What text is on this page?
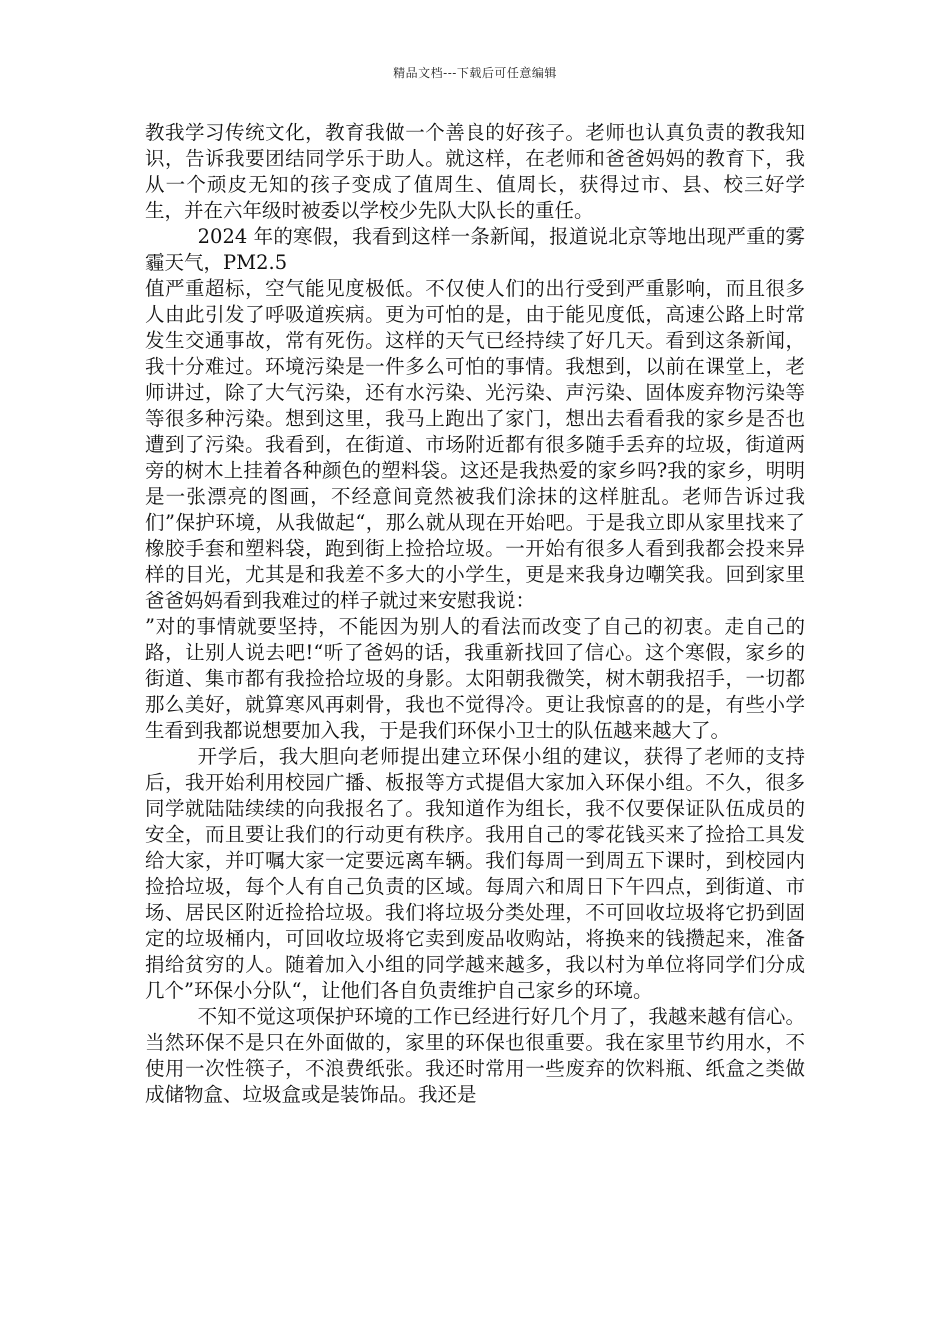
精品文档---下载后可任意编辑

教我学习传统文化，教育我做一个善良的好孩子。老师也认真负责的教我知识，告诉我要团结同学乐于助人。就这样，在老师和爸爸妈妈的教育下，我从一个顽皮无知的孩子变成了值周生、值周长，获得过市、县、校三好学生，并在六年级时被委以学校少先队大队长的重任。

2024 年的寒假，我看到这样一条新闻，报道说北京等地出现严重的雾霾天气，PM2.5

值严重超标，空气能见度极低。不仅使人们的出行受到严重影响，而且很多人由此引发了呼吸道疾病。更为可怕的是，由于能见度低，高速公路上时常发生交通事故，常有死伤。这样的天气已经持续了好几天。看到这条新闻，我十分难过。环境污染是一件多么可怕的事情。我想到，以前在课堂上，老师讲过，除了大气污染，还有水污染、光污染、声污染、固体废弃物污染等等很多种污染。想到这里，我马上跑出了家门，想出去看看我的家乡是否也遭到了污染。我看到，在街道、市场附近都有很多随手丢弃的垃圾，街道两旁的树木上挂着各种颜色的塑料袋。这还是我热爱的家乡吗?我的家乡，明明是一张漂亮的图画，不经意间竟然被我们涂抹的这样脏乱。老师告诉过我们”保护环境，从我做起“，那么就从现在开始吧。于是我立即从家里找来了橡胶手套和塑料袋，跑到街上捡拾垃圾。一开始有很多人看到我都会投来异样的目光，尤其是和我差不多大的小学生，更是来我身边嘲笑我。回到家里爸爸妈妈看到我难过的样子就过来安慰我说：

”对的事情就要坚持，不能因为别人的看法而改变了自己的初衷。走自己的路，让别人说去吧!“听了爸妈的话，我重新找回了信心。这个寒假，家乡的街道、集市都有我捡拾垃圾的身影。太阳朝我微笑，树木朝我招手，一切都那么美好，就算寒风再刺骨，我也不觉得冷。更让我惊喜的的是，有些小学生看到我都说想要加入我，于是我们环保小卫士的队伍越来越大了。

开学后，我大胆向老师提出建立环保小组的建议，获得了老师的支持后，我开始利用校园广播、板报等方式提倡大家加入环保小组。不久，很多同学就陆陆续续的向我报名了。我知道作为组长，我不仅要保证队伍成员的安全，而且要让我们的行动更有秩序。我用自己的零花钱买来了捡拾工具发给大家，并叮嘱大家一定要远离车辆。我们每周一到周五下课时，到校园内捡拾垃圾，每个人有自己负责的区域。每周六和周日下午四点，到街道、市场、居民区附近捡拾垃圾。我们将垃圾分类处理，不可回收垃圾将它扔到固定的垃圾桶内，可回收垃圾将它卖到废品收购站，将换来的钱攒起来，准备捐给贫穷的人。随着加入小组的同学越来越多，我以村为单位将同学们分成几个”环保小分队“，让他们各自负责维护自己家乡的环境。

不知不觉这项保护环境的工作已经进行好几个月了，我越来越有信心。当然环保不是只在外面做的，家里的环保也很重要。我在家里节约用水，不使用一次性筷子，不浪费纸张。我还时常用一些废弃的饮料瓶、纸盒之类做成储物盒、垃圾盒或是装饰品。我还是
